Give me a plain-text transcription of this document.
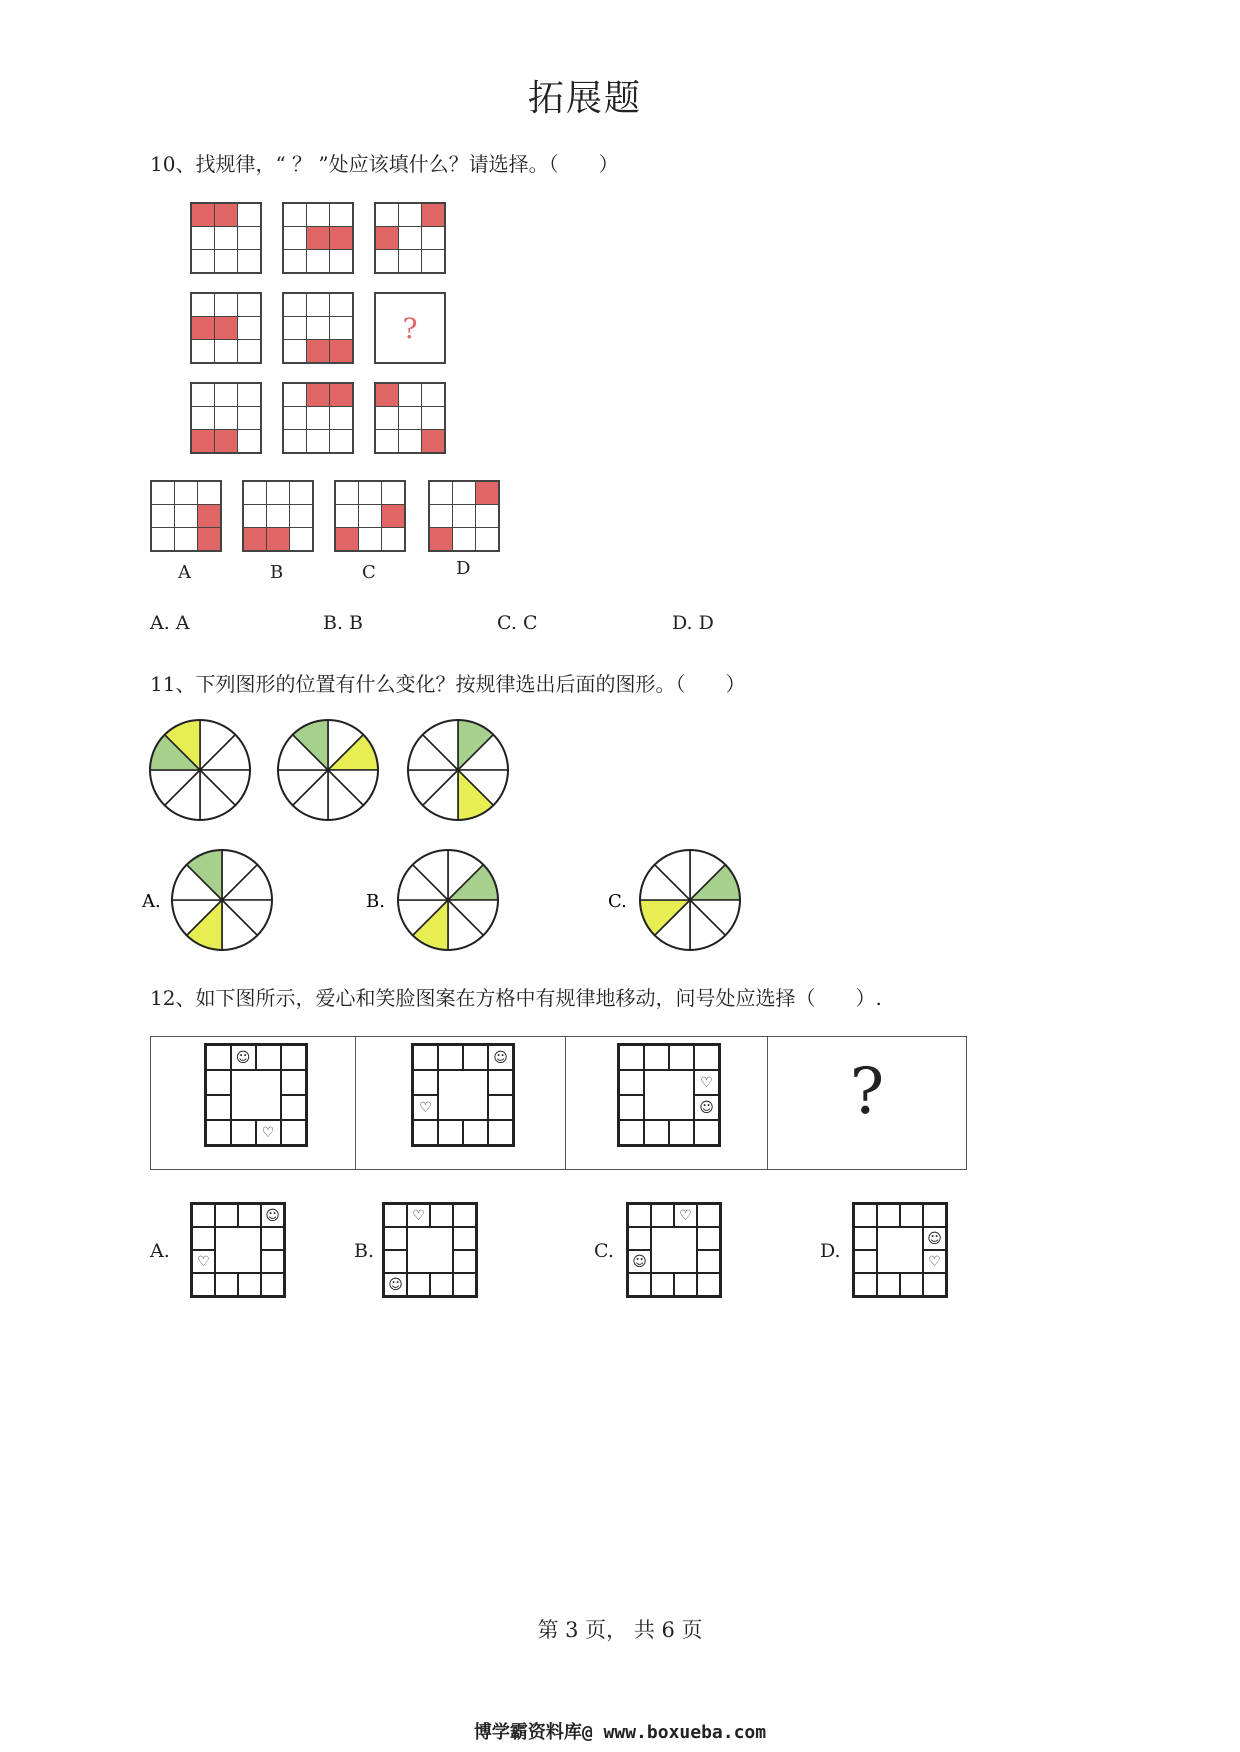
拓展题
10、找规律，“ ？ ”处应该填什么？请选择。（　　）
?
A	B	C	D
A. A	B. B	C. C	D. D
11、下列图形的位置有什么变化？按规律选出后面的图形。（　　）
A.	B.	C.
12、如下图所示，爱心和笑脸图案在方格中有规律地移动，问号处应选择（　　）.
☺
♡
☺
♡
♡
☺	?
A.
☺
♡	B.
♡
☺
C.
♡
☺	D.
☺
♡
第 3 页， 共 6 页
博学霸资料库@ www.boxueba.com
